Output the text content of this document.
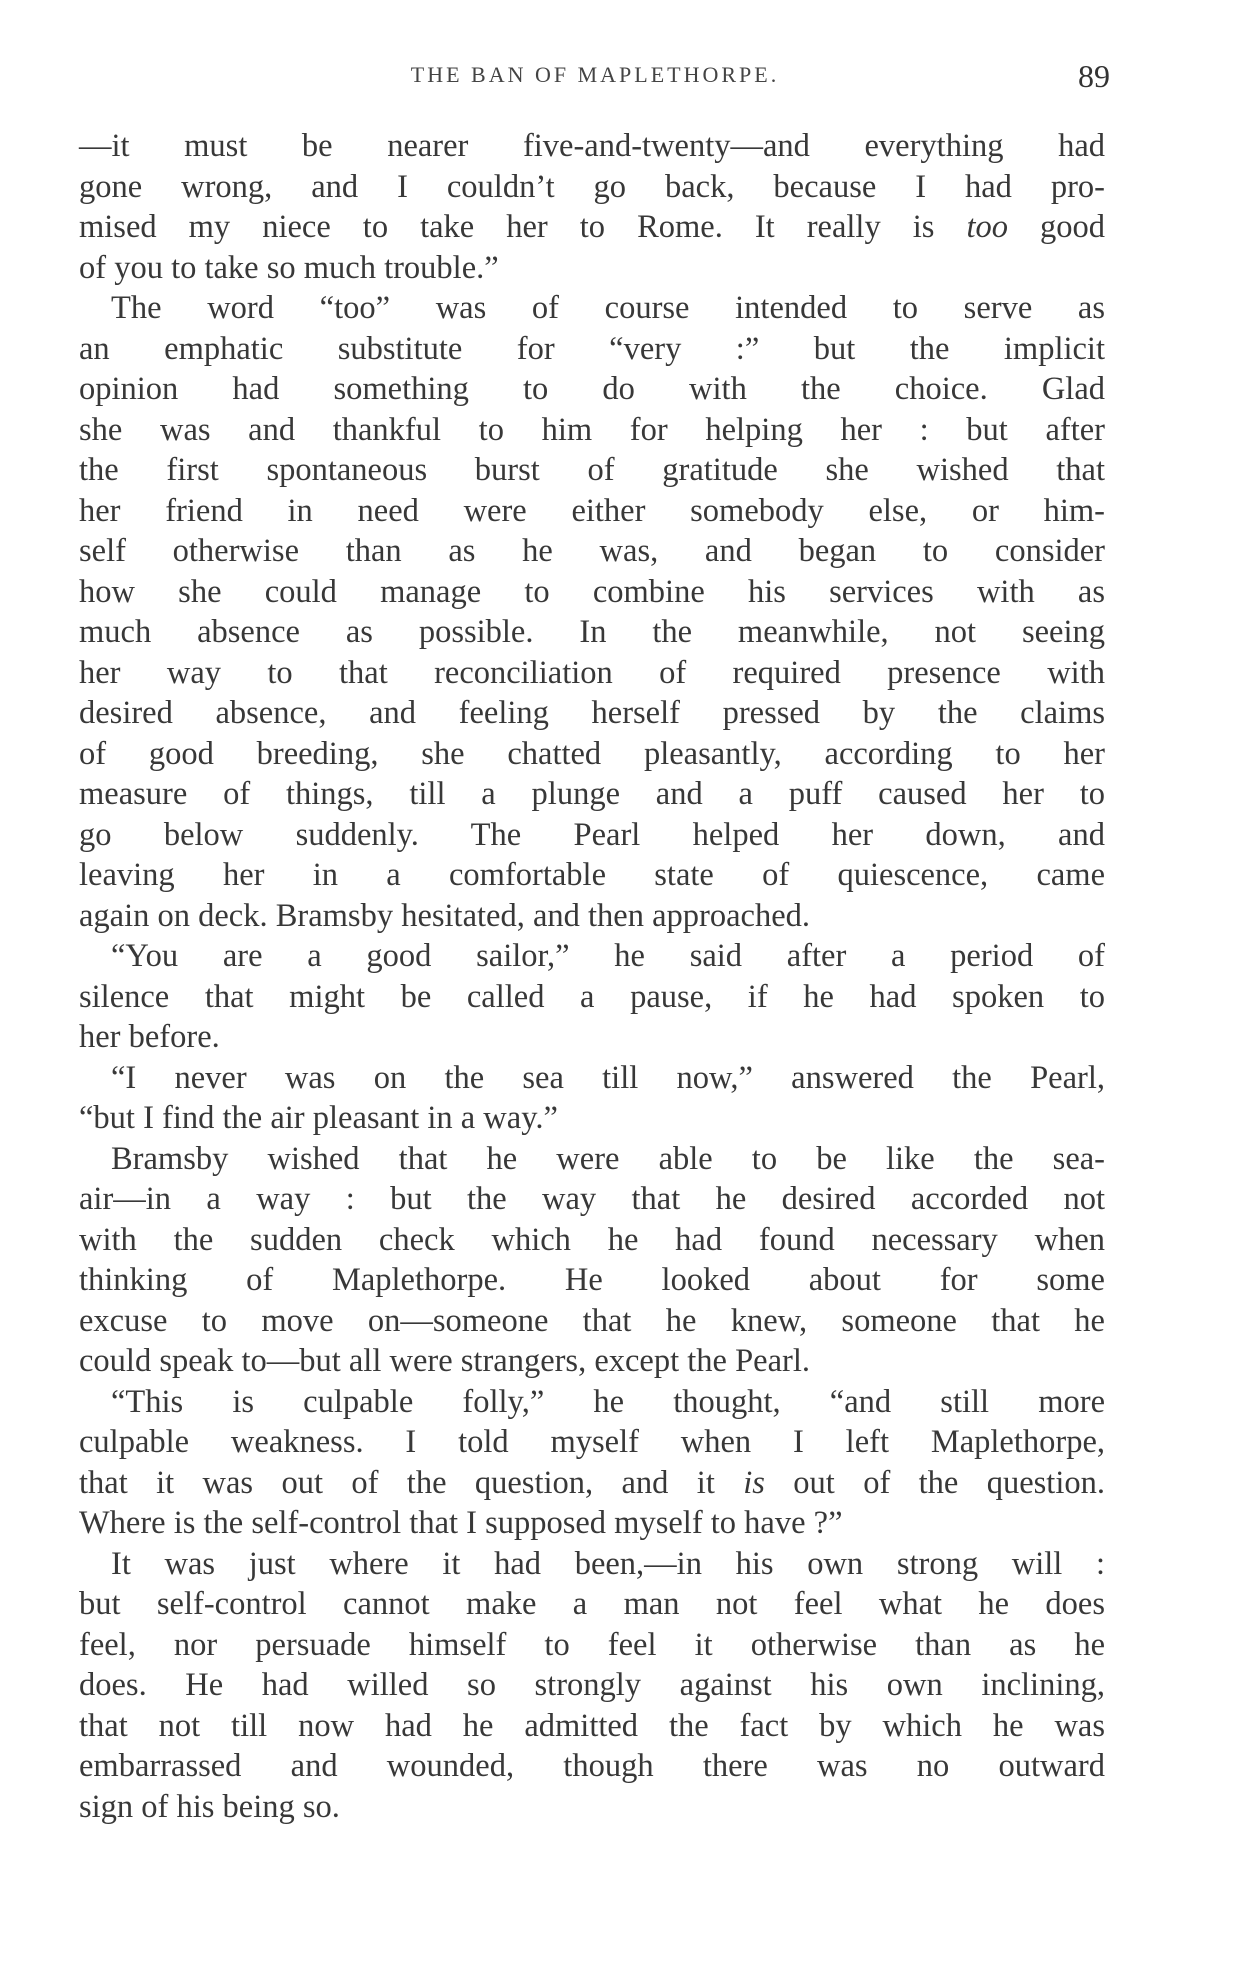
THE BAN OF MAPLETHORPE.	89
—it must be nearer five-and-twenty—and everything had
gone wrong, and I couldn’t go back, because I had pro-
mised my niece to take her to Rome. It really is too good
of you to take so much trouble.”
The word “too” was of course intended to serve as
an emphatic substitute for “very :” but the implicit
opinion had something to do with the choice. Glad
she was and thankful to him for helping her : but after
the first spontaneous burst of gratitude she wished that
her friend in need were either somebody else, or him-
self otherwise than as he was, and began to consider
how she could manage to combine his services with as
much absence as possible. In the meanwhile, not seeing
her way to that reconciliation of required presence with
desired absence, and feeling herself pressed by the claims
of good breeding, she chatted pleasantly, according to her
measure of things, till a plunge and a puff caused her to
go below suddenly. The Pearl helped her down, and
leaving her in a comfortable state of quiescence, came
again on deck. Bramsby hesitated, and then approached.
“You are a good sailor,” he said after a period of
silence that might be called a pause, if he had spoken to
her before.
“I never was on the sea till now,” answered the Pearl,
“but I find the air pleasant in a way.”
Bramsby wished that he were able to be like the sea-
air—in a way : but the way that he desired accorded not
with the sudden check which he had found necessary when
thinking of Maplethorpe. He looked about for some
excuse to move on—someone that he knew, someone that he
could speak to—but all were strangers, except the Pearl.
“This is culpable folly,” he thought, “and still more
culpable weakness. I told myself when I left Maplethorpe,
that it was out of the question, and it is out of the question.
Where is the self-control that I supposed myself to have ?”
It was just where it had been,—in his own strong will :
but self-control cannot make a man not feel what he does
feel, nor persuade himself to feel it otherwise than as he
does. He had willed so strongly against his own inclining,
that not till now had he admitted the fact by which he was
embarrassed and wounded, though there was no outward
sign of his being so.
